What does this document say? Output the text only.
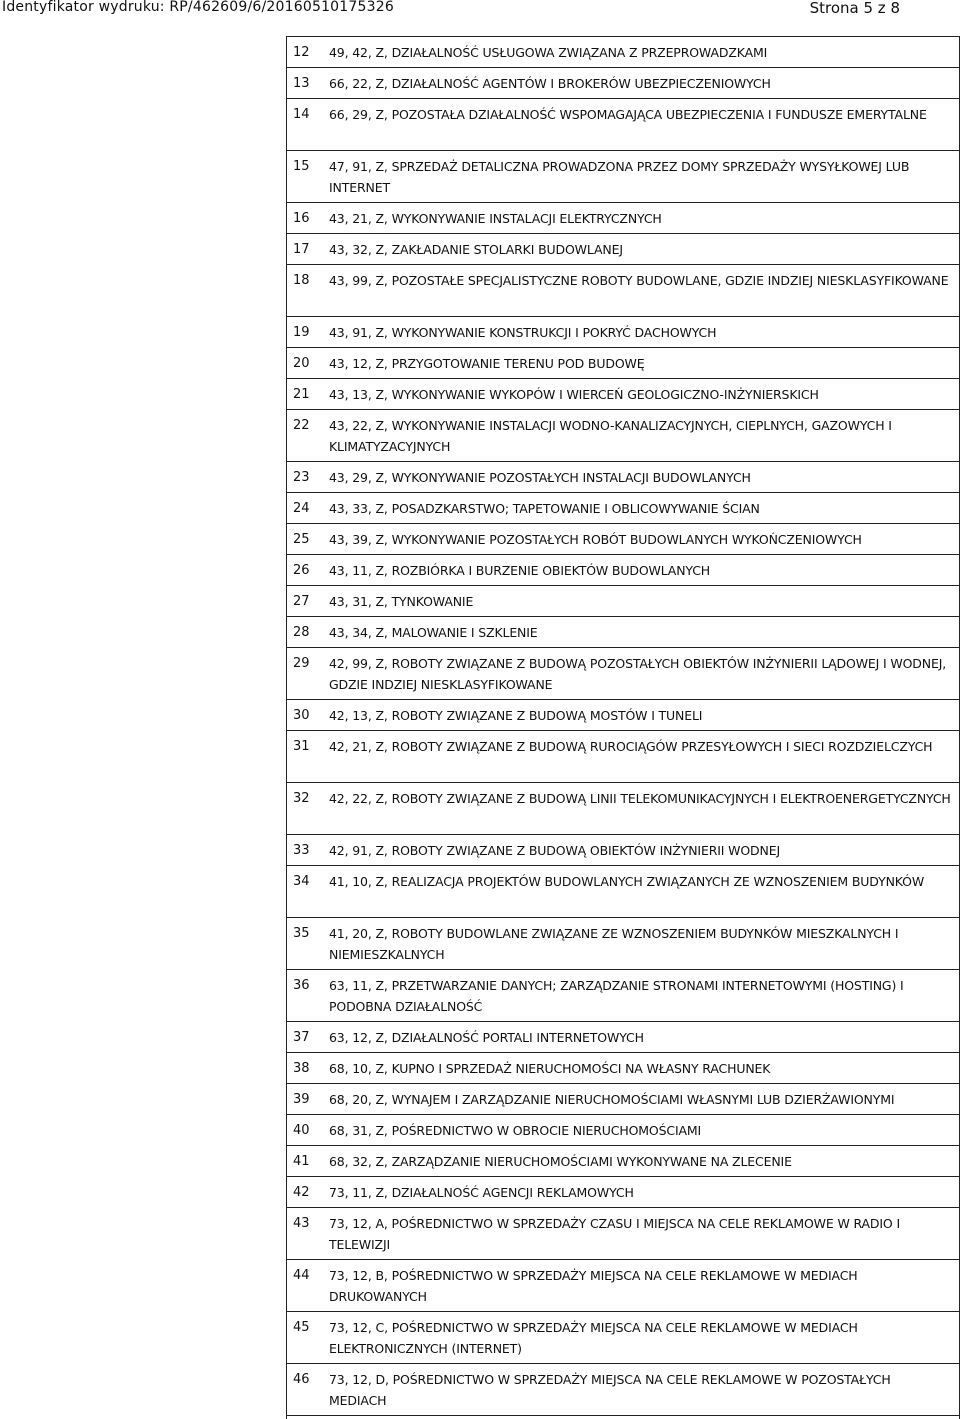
Identyfikator wydruku: RP/462609/6/20160510175326	Strona 5 z 8
12	49, 42, Z, DZIAŁALNOŚĆ USŁUGOWA ZWIĄZANA Z PRZEPROWADZKAMI
13	66, 22, Z, DZIAŁALNOŚĆ AGENTÓW I BROKERÓW UBEZPIECZENIOWYCH
14	66, 29, Z, POZOSTAŁA DZIAŁALNOŚĆ WSPOMAGAJĄCA UBEZPIECZENIA I FUNDUSZE EMERYTALNE
15	47, 91, Z, SPRZEDAŻ DETALICZNA PROWADZONA PRZEZ DOMY SPRZEDAŻY WYSYŁKOWEJ LUB INTERNET
16	43, 21, Z, WYKONYWANIE INSTALACJI ELEKTRYCZNYCH
17	43, 32, Z, ZAKŁADANIE STOLARKI BUDOWLANEJ
18	43, 99, Z, POZOSTAŁE SPECJALISTYCZNE ROBOTY BUDOWLANE, GDZIE INDZIEJ NIESKLASYFIKOWANE
19	43, 91, Z, WYKONYWANIE KONSTRUKCJI I POKRYĆ DACHOWYCH
20	43, 12, Z, PRZYGOTOWANIE TERENU POD BUDOWĘ
21	43, 13, Z, WYKONYWANIE WYKOPÓW I WIERCEŃ GEOLOGICZNO-INŻYNIERSKICH
22	43, 22, Z, WYKONYWANIE INSTALACJI WODNO-KANALIZACYJNYCH, CIEPLNYCH, GAZOWYCH I KLIMATYZACYJNYCH
23	43, 29, Z, WYKONYWANIE POZOSTAŁYCH INSTALACJI BUDOWLANYCH
24	43, 33, Z, POSADZKARSTWO; TAPETOWANIE I OBLICOWYWANIE ŚCIAN
25	43, 39, Z, WYKONYWANIE POZOSTAŁYCH ROBÓT BUDOWLANYCH WYKOŃCZENIOWYCH
26	43, 11, Z, ROZBIÓRKA I BURZENIE OBIEKTÓW BUDOWLANYCH
27	43, 31, Z, TYNKOWANIE
28	43, 34, Z, MALOWANIE I SZKLENIE
29	42, 99, Z, ROBOTY ZWIĄZANE Z BUDOWĄ POZOSTAŁYCH OBIEKTÓW INŻYNIERII LĄDOWEJ I WODNEJ, GDZIE INDZIEJ NIESKLASYFIKOWANE
30	42, 13, Z, ROBOTY ZWIĄZANE Z BUDOWĄ MOSTÓW I TUNELI
31	42, 21, Z, ROBOTY ZWIĄZANE Z BUDOWĄ RUROCIĄGÓW PRZESYŁOWYCH I SIECI ROZDZIELCZYCH
32	42, 22, Z, ROBOTY ZWIĄZANE Z BUDOWĄ LINII TELEKOMUNIKACYJNYCH I ELEKTROENERGETYCZNYCH
33	42, 91, Z, ROBOTY ZWIĄZANE Z BUDOWĄ OBIEKTÓW INŻYNIERII WODNEJ
34	41, 10, Z, REALIZACJA PROJEKTÓW BUDOWLANYCH ZWIĄZANYCH ZE WZNOSZENIEM BUDYNKÓW
35	41, 20, Z, ROBOTY BUDOWLANE ZWIĄZANE ZE WZNOSZENIEM BUDYNKÓW MIESZKALNYCH I NIEMIESZKALNYCH
36	63, 11, Z, PRZETWARZANIE DANYCH; ZARZĄDZANIE STRONAMI INTERNETOWYMI (HOSTING) I PODOBNA DZIAŁALNOŚĆ
37	63, 12, Z, DZIAŁALNOŚĆ PORTALI INTERNETOWYCH
38	68, 10, Z, KUPNO I SPRZEDAŻ NIERUCHOMOŚCI NA WŁASNY RACHUNEK
39	68, 20, Z, WYNAJEM I ZARZĄDZANIE NIERUCHOMOŚCIAMI WŁASNYMI LUB DZIERŻAWIONYMI
40	68, 31, Z, POŚREDNICTWO W OBROCIE NIERUCHOMOŚCIAMI
41	68, 32, Z, ZARZĄDZANIE NIERUCHOMOŚCIAMI WYKONYWANE NA ZLECENIE
42	73, 11, Z, DZIAŁALNOŚĆ AGENCJI REKLAMOWYCH
43	73, 12, A, POŚREDNICTWO W SPRZEDAŻY CZASU I MIEJSCA NA CELE REKLAMOWE W RADIO I TELEWIZJI
44	73, 12, B, POŚREDNICTWO W SPRZEDAŻY MIEJSCA NA CELE REKLAMOWE W MEDIACH DRUKOWANYCH
45	73, 12, C, POŚREDNICTWO W SPRZEDAŻY MIEJSCA NA CELE REKLAMOWE W MEDIACH ELEKTRONICZNYCH (INTERNET)
46	73, 12, D, POŚREDNICTWO W SPRZEDAŻY MIEJSCA NA CELE REKLAMOWE W POZOSTAŁYCH MEDIACH
